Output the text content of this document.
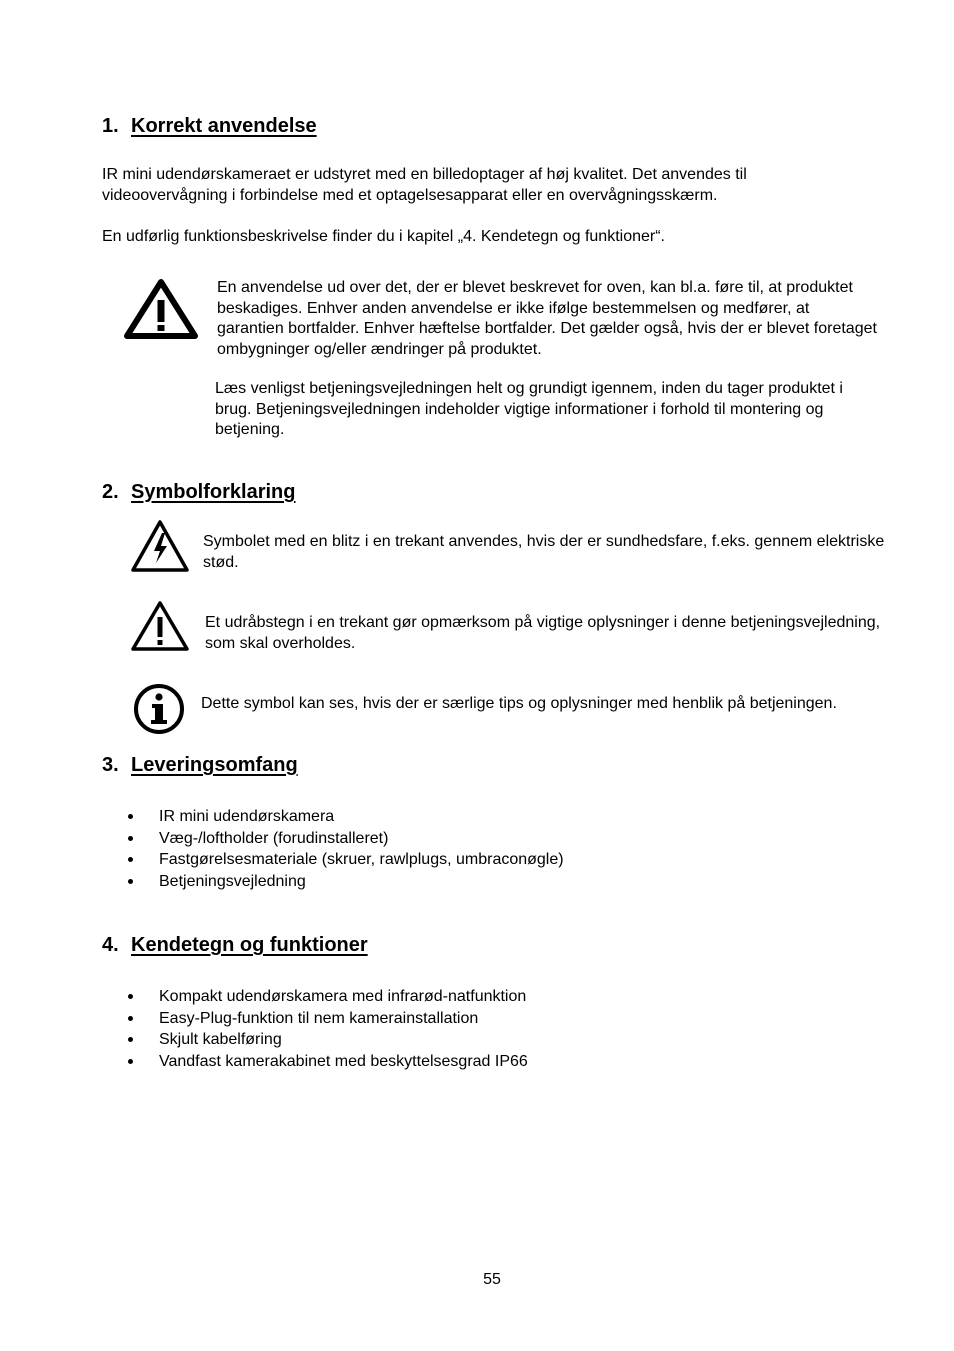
1. Korrekt anvendelse

IR mini udendørskameraet er udstyret med en billedoptager af høj kvalitet. Det anvendes til videoovervågning i forbindelse med et optagelsesapparat eller en overvågningsskærm.

En udførlig funktionsbeskrivelse finder du i kapitel „4. Kendetegn og funktioner“.

En anvendelse ud over det, der er blevet beskrevet for oven, kan bl.a. føre til, at produktet beskadiges. Enhver anden anvendelse er ikke ifølge bestemmelsen og medfører, at garantien bortfalder. Enhver hæftelse bortfalder. Det gælder også, hvis der er blevet foretaget ombygninger og/eller ændringer på produktet.

Læs venligst betjeningsvejledningen helt og grundigt igennem, inden du tager produktet i brug. Betjeningsvejledningen indeholder vigtige informationer i forhold til montering og betjening.

2. Symbolforklaring

Symbolet med en blitz i en trekant anvendes, hvis der er sundhedsfare, f.eks. gennem elektriske stød.

Et udråbstegn i en trekant gør opmærksom på vigtige oplysninger i denne betjeningsvejledning, som skal overholdes.

Dette symbol kan ses, hvis der er særlige tips og oplysninger med henblik på betjeningen.

3. Leveringsomfang
IR mini udendørskamera
Væg-/loftholder (forudinstalleret)
Fastgørelsesmateriale (skruer, rawlplugs, umbraconøgle)
Betjeningsvejledning
4. Kendetegn og funktioner
Kompakt udendørskamera med infrarød-natfunktion
Easy-Plug-funktion til nem kamerainstallation
Skjult kabelføring
Vandfast kamerakabinet med beskyttelsesgrad IP66
55
